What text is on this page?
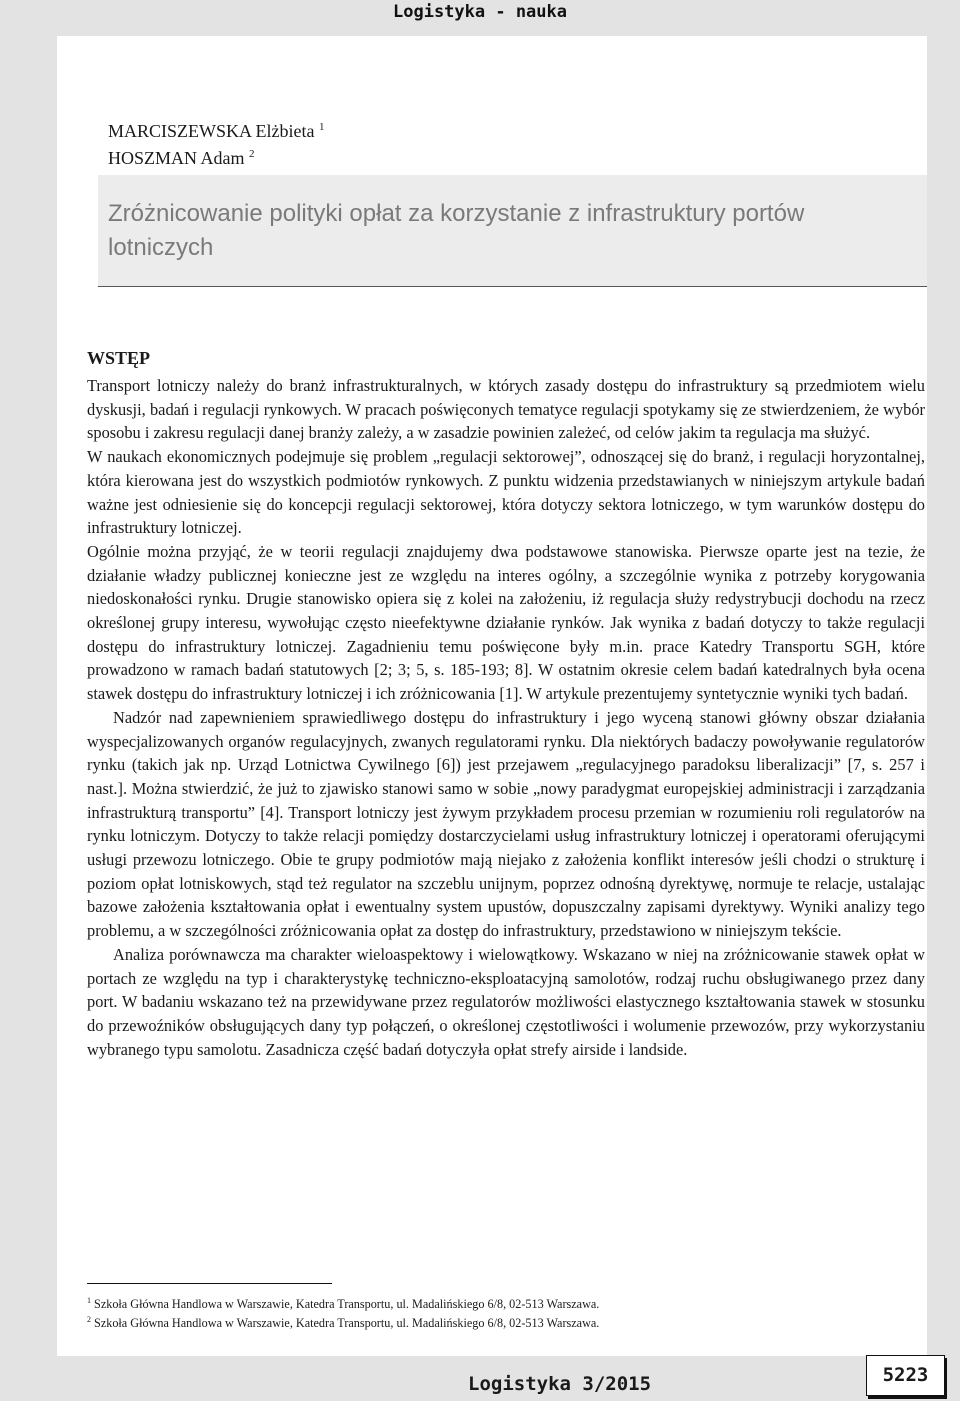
Logistyka - nauka
MARCISZEWSKA Elżbieta $^1$
HOSZMAN Adam $^2$
Zróżnicowanie polityki opłat za korzystanie z infrastruktury portów lotniczych
WSTĘP

Transport lotniczy należy do branż infrastrukturalnych, w których zasady dostępu do infrastruktury są przedmiotem wielu dyskusji, badań i regulacji rynkowych. W pracach poświęconych tematyce regulacji spotykamy się ze stwierdzeniem, że wybór sposobu i zakresu regulacji danej branży zależy, a w zasadzie powinien zależeć, od celów jakim ta regulacja ma służyć.

W naukach ekonomicznych podejmuje się problem „regulacji sektorowej”, odnoszącej się do branż, i regulacji horyzontalnej, która kierowana jest do wszystkich podmiotów rynkowych. Z punktu widzenia przedstawianych w niniejszym artykule badań ważne jest odniesienie się do koncepcji regulacji sektorowej, która dotyczy sektora lotniczego, w tym warunków dostępu do infrastruktury lotniczej.

Ogólnie można przyjąć, że w teorii regulacji znajdujemy dwa podstawowe stanowiska. Pierwsze oparte jest na tezie, że działanie władzy publicznej konieczne jest ze względu na interes ogólny, a szczególnie wynika z potrzeby korygowania niedoskonałości rynku. Drugie stanowisko opiera się z kolei na założeniu, iż regulacja służy redystrybucji dochodu na rzecz określonej grupy interesu, wywołując często nieefektywne działanie rynków. Jak wynika z badań dotyczy to także regulacji dostępu do infrastruktury lotniczej. Zagadnieniu temu poświęcone były m.in. prace Katedry Transportu SGH, które prowadzono w ramach badań statutowych [2; 3; 5, s. 185-193; 8]. W ostatnim okresie celem badań katedralnych była ocena stawek dostępu do infrastruktury lotniczej i ich zróżnicowania [1]. W artykule prezentujemy syntetycznie wyniki tych badań.

Nadzór nad zapewnieniem sprawiedliwego dostępu do infrastruktury i jego wyceną stanowi główny obszar działania wyspecjalizowanych organów regulacyjnych, zwanych regulatorami rynku. Dla niektórych badaczy powoływanie regulatorów rynku (takich jak np. Urząd Lotnictwa Cywilnego [6]) jest przejawem „regulacyjnego paradoksu liberalizacji” [7, s. 257 i nast.]. Można stwierdzić, że już to zjawisko stanowi samo w sobie „nowy paradygmat europejskiej administracji i zarządzania infrastrukturą transportu” [4]. Transport lotniczy jest żywym przykładem procesu przemian w rozumieniu roli regulatorów na rynku lotniczym. Dotyczy to także relacji pomiędzy dostarczycielami usług infrastruktury lotniczej i operatorami oferującymi usługi przewozu lotniczego. Obie te grupy podmiotów mają niejako z założenia konflikt interesów jeśli chodzi o strukturę i poziom opłat lotniskowych, stąd też regulator na szczeblu unijnym, poprzez odnośną dyrektywę, normuje te relacje, ustalając bazowe założenia kształtowania opłat i ewentualny system upustów, dopuszczalny zapisami dyrektywy. Wyniki analizy tego problemu, a w szczególności zróżnicowania opłat za dostęp do infrastruktury, przedstawiono w niniejszym tekście.

Analiza porównawcza ma charakter wieloaspektowy i wielowątkowy. Wskazano w niej na zróżnicowanie stawek opłat w portach ze względu na typ i charakterystykę techniczno-eksploatacyjną samolotów, rodzaj ruchu obsługiwanego przez dany port. W badaniu wskazano też na przewidywane przez regulatorów możliwości elastycznego kształtowania stawek w stosunku do przewoźników obsługujących dany typ połączeń, o określonej częstotliwości i wolumenie przewozów, przy wykorzystaniu wybranego typu samolotu. Zasadnicza część badań dotyczyła opłat strefy airside i landside.

$^1$ Szkoła Główna Handlowa w Warszawie, Katedra Transportu, ul. Madalińskiego 6/8, 02-513 Warszawa.

$^2$ Szkoła Główna Handlowa w Warszawie, Katedra Transportu, ul. Madalińskiego 6/8, 02-513 Warszawa.

Logistyka 3/2015	5223
